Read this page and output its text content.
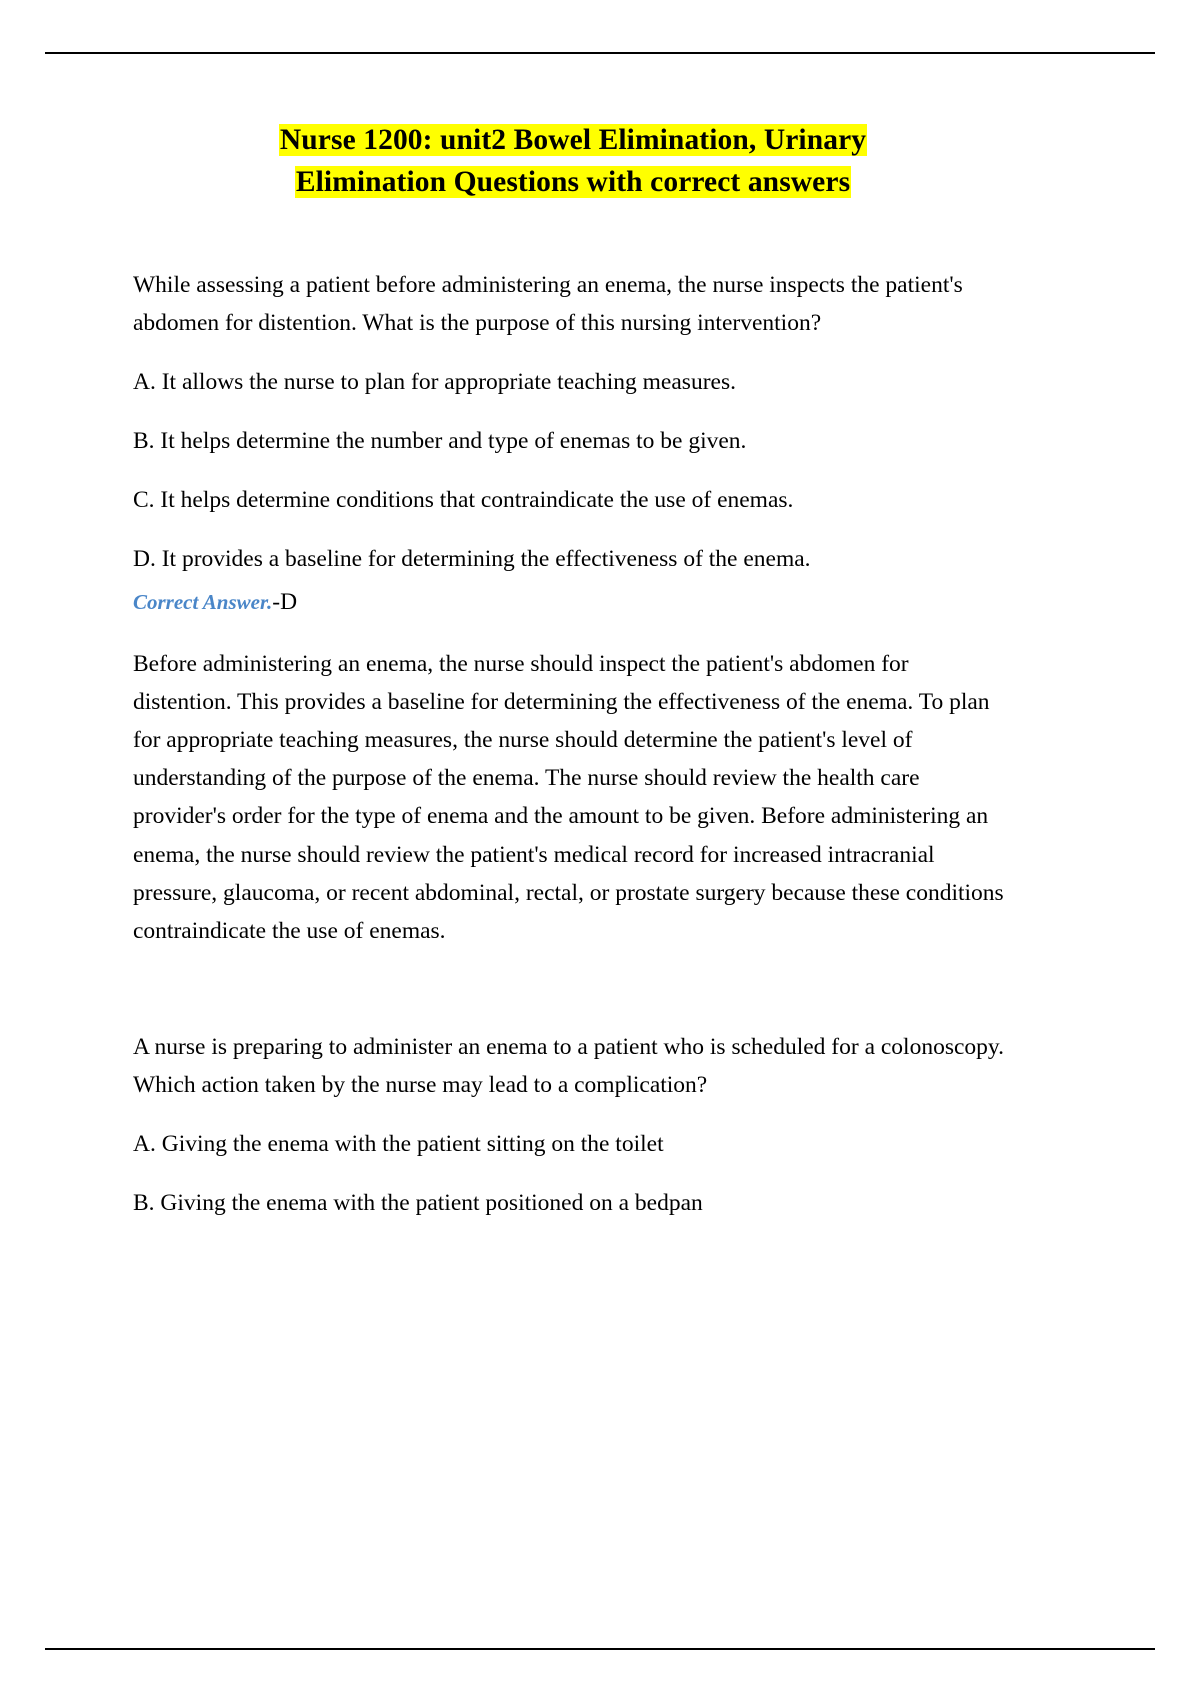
Nurse 1200: unit2 Bowel Elimination, Urinary
Elimination Questions with correct answers

While assessing a patient before administering an enema, the nurse inspects the patient's abdomen for distention. What is the purpose of this nursing intervention?

A. It allows the nurse to plan for appropriate teaching measures.

B. It helps determine the number and type of enemas to be given.

C. It helps determine conditions that contraindicate the use of enemas.

D. It provides a baseline for determining the effectiveness of the enema.

Correct Answer.-D

Before administering an enema, the nurse should inspect the patient's abdomen for distention. This provides a baseline for determining the effectiveness of the enema. To plan for appropriate teaching measures, the nurse should determine the patient's level of understanding of the purpose of the enema. The nurse should review the health care provider's order for the type of enema and the amount to be given. Before administering an enema, the nurse should review the patient's medical record for increased intracranial pressure, glaucoma, or recent abdominal, rectal, or prostate surgery because these conditions contraindicate the use of enemas.

A nurse is preparing to administer an enema to a patient who is scheduled for a colonoscopy. Which action taken by the nurse may lead to a complication?

A. Giving the enema with the patient sitting on the toilet

B. Giving the enema with the patient positioned on a bedpan
